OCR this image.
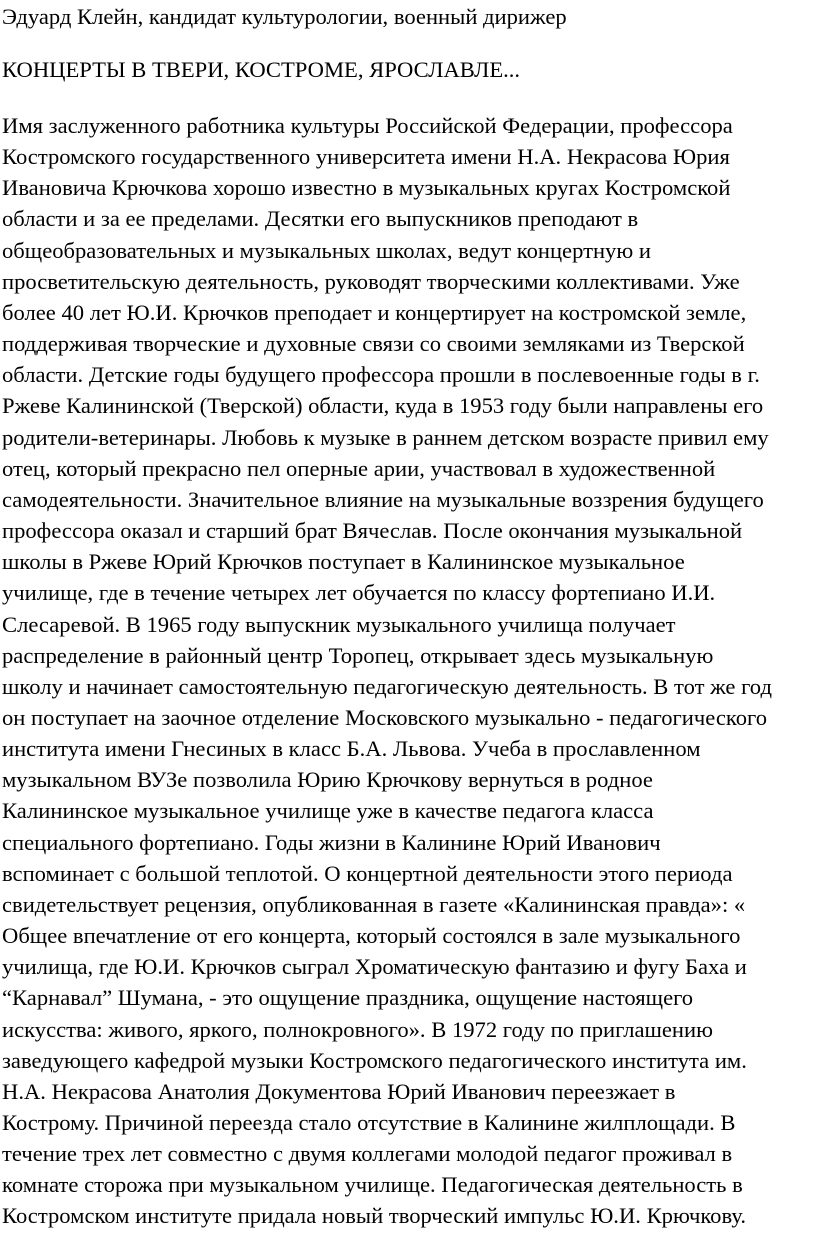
Эдуард Клейн, кандидат культурологии, военный дирижер
КОНЦЕРТЫ В ТВЕРИ, КОСТРОМЕ, ЯРОСЛАВЛЕ...
Имя заслуженного работника культуры Российской Федерации, профессора
Костромского государственного университета имени Н.А. Некрасова Юрия
Ивановича Крючкова хорошо известно в музыкальных кругах Костромской
области и за ее пределами. Десятки его выпускников преподают в
общеобразовательных и музыкальных школах, ведут концертную и
просветительскую деятельность, руководят творческими коллективами. Уже
более 40 лет Ю.И. Крючков преподает и концертирует на костромской земле,
поддерживая творческие и духовные связи со своими земляками из Тверской
области. Детские годы будущего профессора прошли в послевоенные годы в г.
Ржеве Калининской (Тверской) области, куда в 1953 году были направлены его
родители-ветеринары. Любовь к музыке в раннем детском возрасте привил ему
отец, который прекрасно пел оперные арии, участвовал в художественной
самодеятельности. Значительное влияние на музыкальные воззрения будущего
профессора оказал и старший брат Вячеслав. После окончания музыкальной
школы в Ржеве Юрий Крючков поступает в Калининское музыкальное
училище, где в течение четырех лет обучается по классу фортепиано И.И.
Слесаревой. В 1965 году выпускник музыкального училища получает
распределение в районный центр Торопец, открывает здесь музыкальную
школу и начинает самостоятельную педагогическую деятельность. В тот же год
он поступает на заочное отделение Московского музыкально - педагогического
института имени Гнесиных в класс Б.А. Львова. Учеба в прославленном
музыкальном ВУЗе позволила Юрию Крючкову вернуться в родное
Калининское музыкальное училище уже в качестве педагога класса
специального фортепиано. Годы жизни в Калинине Юрий Иванович
вспоминает с большой теплотой. О концертной деятельности этого периода
свидетельствует рецензия, опубликованная в газете «Калининская правда»: «
Общее впечатление от его концерта, который состоялся в зале музыкального
училища, где Ю.И. Крючков сыграл Хроматическую фантазию и фугу Баха и
“Карнавал” Шумана, - это ощущение праздника, ощущение настоящего
искусства: живого, яркого, полнокровного». В 1972 году по приглашению
заведующего кафедрой музыки Костромского педагогического института им.
Н.А. Некрасова Анатолия Документова Юрий Иванович переезжает в
Кострому. Причиной переезда стало отсутствие в Калинине жилплощади. В
течение трех лет совместно с двумя коллегами молодой педагог проживал в
комнате сторожа при музыкальном училище. Педагогическая деятельность в
Костромском институте придала новый творческий импульс Ю.И. Крючкову.
